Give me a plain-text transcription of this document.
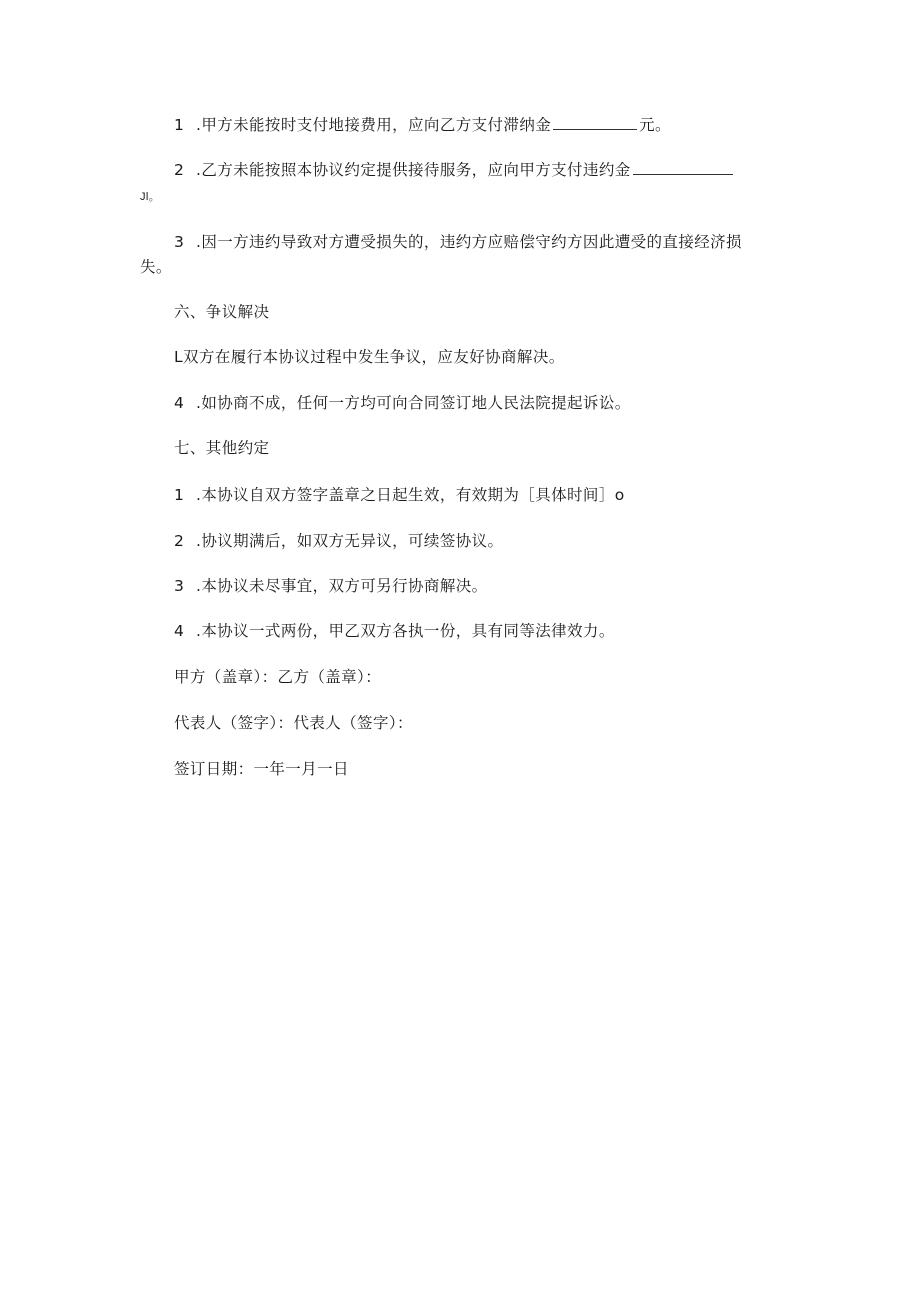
1 .甲方未能按时支付地接费用，应向乙方支付滞纳金	元。
2 .乙方未能按照本协议约定提供接待服务，应向甲方支付违约金
Jl。
3 .因一方违约导致对方遭受损失的，违约方应赔偿守约方因此遭受的直接经济损
失。
六、争议解决
L双方在履行本协议过程中发生争议，应友好协商解决。
4 .如协商不成，任何一方均可向合同签订地人民法院提起诉讼。
七、其他约定
1 .本协议自双方签字盖章之日起生效，有效期为［具体时间］o
2 .协议期满后，如双方无异议，可续签协议。
3 .本协议未尽事宜，双方可另行协商解决。
4 .本协议一式两份，甲乙双方各执一份，具有同等法律效力。
甲方（盖章）：乙方（盖章）：
代表人（签字）：代表人（签字）：
签订日期：一年一月一日
